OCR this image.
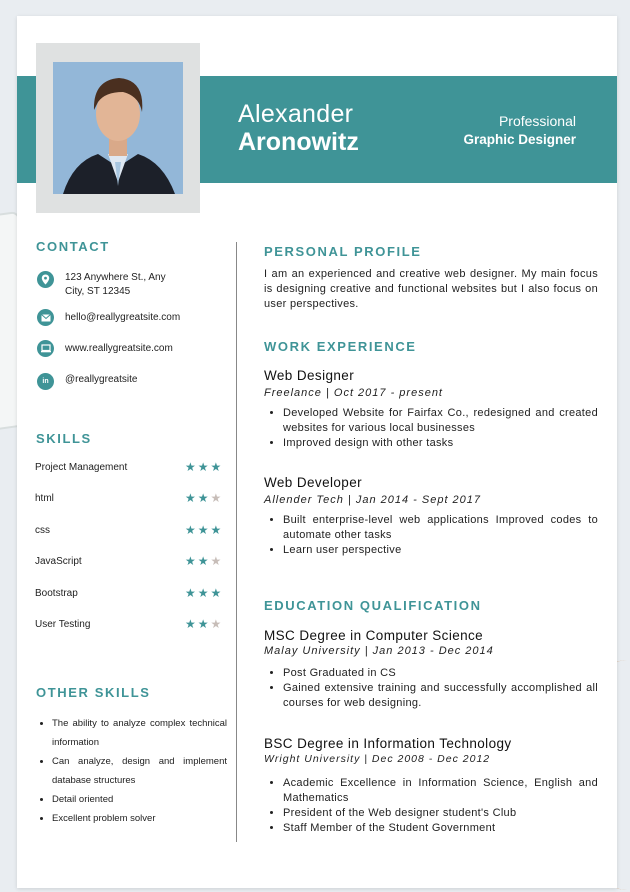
Alexander
Aronowitz
Professional
Graphic Designer
CONTACT
123 Anywhere St., Any City, ST 12345
hello@reallygreatsite.com
www.reallygreatsite.com
in @reallygreatsite
SKILLS
Project Management	★★★
html	★★★
css	★★★
JavaScript	★★★
Bootstrap	★★★
User Testing	★★★
OTHER SKILLS
• The ability to analyze complex technical information
• Can analyze, design and implement database structures
• Detail oriented
• Excellent problem solver
PERSONAL PROFILE
I am an experienced and creative web designer. My main focus is designing creative and functional websites but I also focus on user perspectives.
WORK EXPERIENCE
Web Designer
Freelance | Oct 2017 - present
• Developed Website for Fairfax Co., redesigned and created websites for various local businesses
• Improved design with other tasks
Web Developer
Allender Tech | Jan 2014 - Sept 2017
• Built enterprise-level web applications Improved codes to automate other tasks
• Learn user perspective
EDUCATION QUALIFICATION
MSC Degree in Computer Science
Malay University | Jan 2013 - Dec 2014
• Post Graduated in CS
• Gained extensive training and successfully accomplished all courses for web designing.
BSC Degree in Information Technology
Wright University | Dec 2008 - Dec 2012
• Academic Excellence in Information Science, English and Mathematics
• President of the Web designer student's Club
• Staff Member of the Student Government
